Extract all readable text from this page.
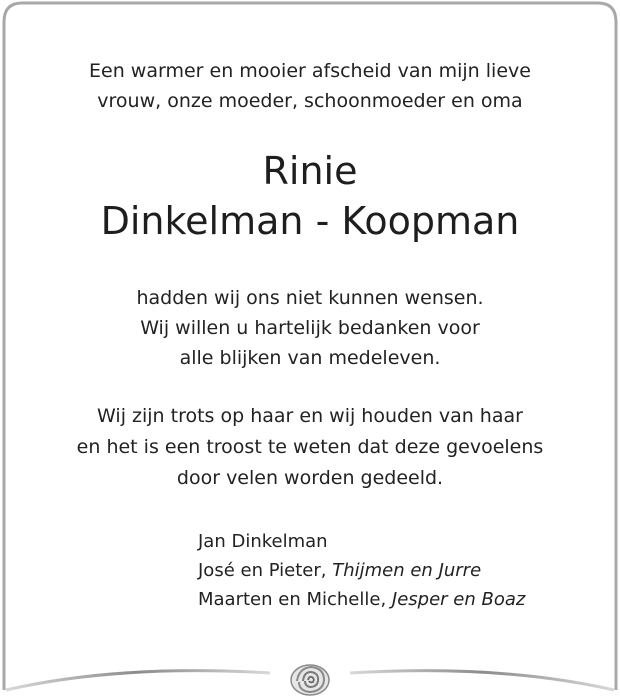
Een warmer en mooier afscheid van mijn lieve
vrouw, onze moeder, schoonmoeder en oma
Rinie
Dinkelman - Koopman
hadden wij ons niet kunnen wensen.
Wij willen u hartelijk bedanken voor
alle blijken van medeleven.
Wij zijn trots op haar en wij houden van haar
en het is een troost te weten dat deze gevoelens
door velen worden gedeeld.
Jan Dinkelman
José en Pieter, Thijmen en Jurre
Maarten en Michelle, Jesper en Boaz
